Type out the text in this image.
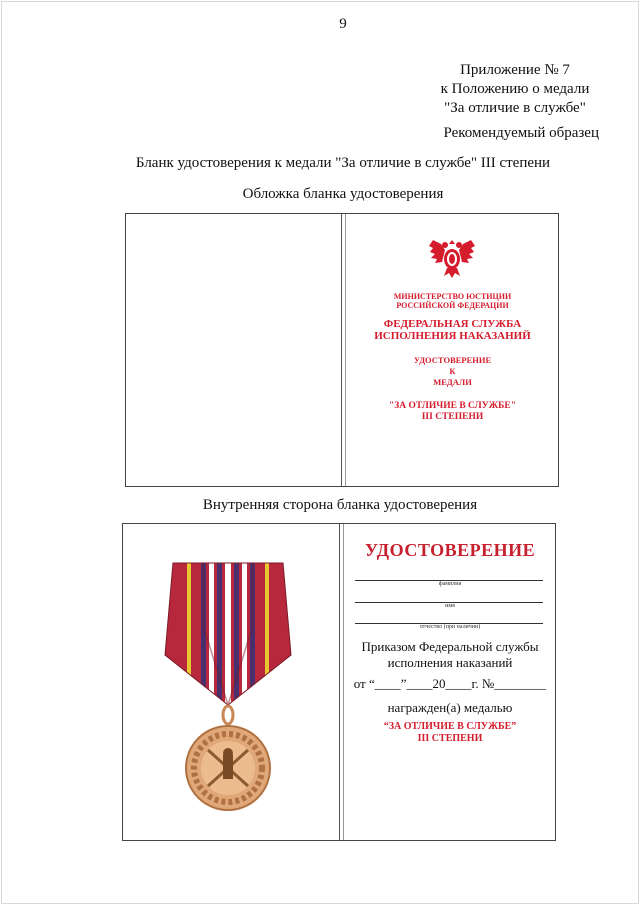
9
Приложение № 7
к Положению о медали
"За отличие в службе"
Рекомендуемый образец
Бланк удостоверения к медали "За отличие в службе" III степени
Обложка бланка удостоверения
МИНИСТЕРСТВО ЮСТИЦИИ
РОССИЙСКОЙ ФЕДЕРАЦИИ
ФЕДЕРАЛЬНАЯ СЛУЖБА
ИСПОЛНЕНИЯ НАКАЗАНИЙ
УДОСТОВЕРЕНИЕ
К
МЕДАЛИ
"ЗА ОТЛИЧИЕ В СЛУЖБЕ"
III СТЕПЕНИ
Внутренняя сторона бланка удостоверения
УДОСТОВЕРЕНИЕ
фамилия
имя
отчество (при наличии)
Приказом Федеральной службы
исполнения наказаний
от “____”____20____г. №________
награжден(а) медалью
“ЗА ОТЛИЧИЕ В СЛУЖБЕ”
III СТЕПЕНИ
